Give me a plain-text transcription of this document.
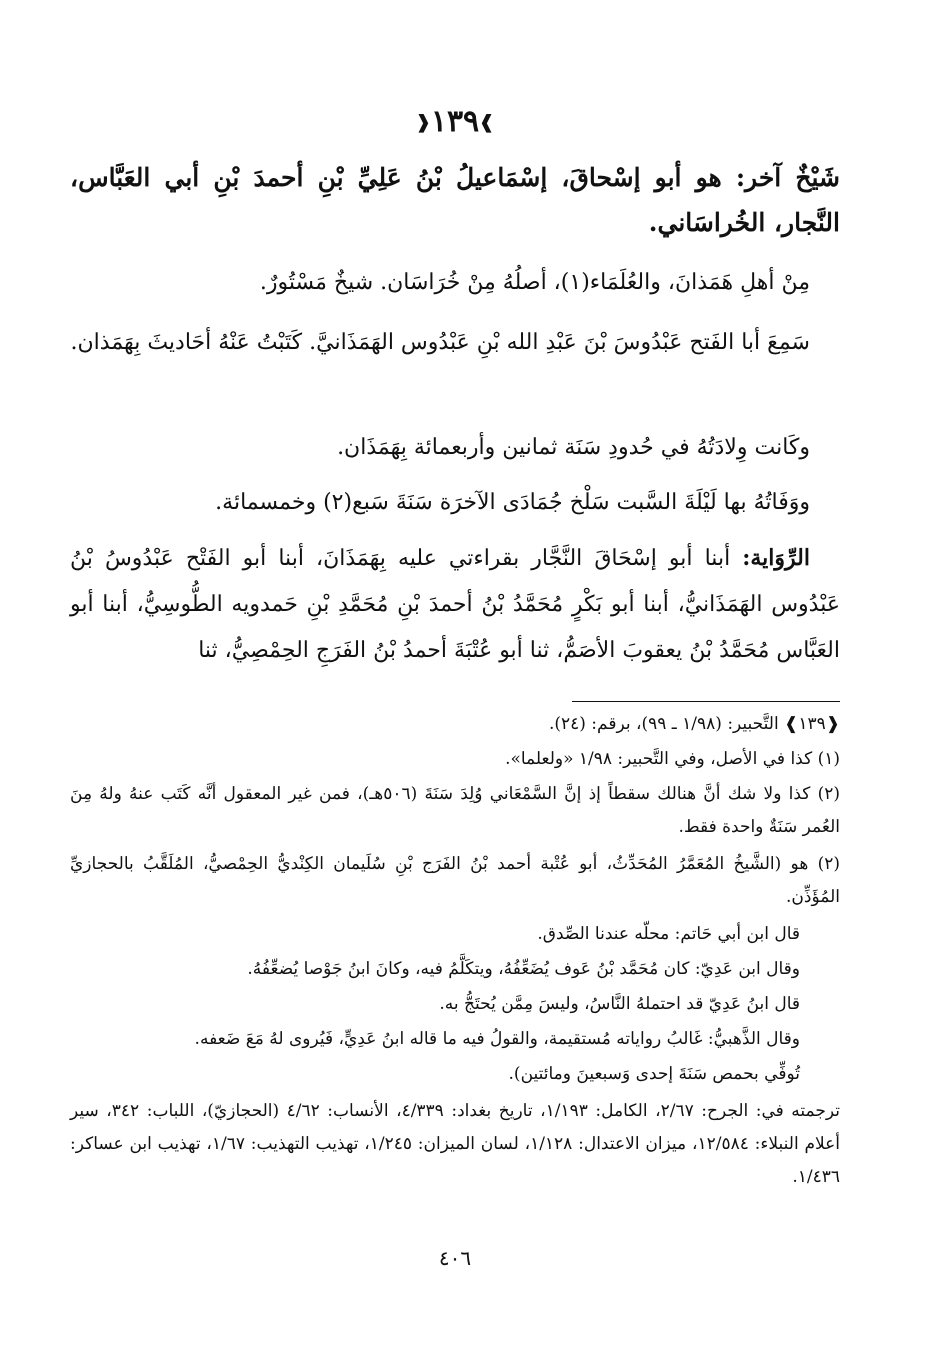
❱١٣٩❰
شَيْخٌ آخر: هو أبو إسْحاقَ، إسْمَاعيلُ بْنُ عَلِيِّ بْنِ أحمدَ بْنِ أبي العَبَّاس، النَّجار، الخُراسَاني.
مِنْ أهلِ هَمَذانَ، والعُلَمَاء(١)، أصلُهُ مِنْ خُرَاسَان. شيخٌ مَسْتُورٌ.
سَمِعَ أبا الفَتح عَبْدُوسَ بْنَ عَبْدِ الله بْنِ عَبْدُوس الهَمَذَانيَّ. كَتَبْتُ عَنْهُ أحَاديثَ بِهَمَذان.
وكَانت وِلادَتُهُ في حُدودِ سَنَة ثمانين وأربعمائة بِهَمَذَان.
ووَفَاتُهُ بها لَيْلَةَ السَّبت سَلْخ جُمَادَى الآخرَة سَنَةَ سَبع(٢) وخمسمائة.
الرِّوَاية: أبنا أبو إسْحَاقَ النَّجَّار بقراءتي عليه بِهَمَذَانَ، أبنا أبو الفَتْح عَبْدُوسُ بْنُ عَبْدُوس الهَمَذَانيُّ، أبنا أبو بَكْرٍ مُحَمَّدُ بْنُ أحمدَ بْنِ مُحَمَّدِ بْنِ حَمدويه الطُّوسِيُّ، أبنا أبو العَبَّاس مُحَمَّدُ بْنُ يعقوبَ الأصَمُّ، ثنا أبو عُتْبَةَ أحمدُ بْنُ الفَرَجِ الحِمْصِيُّ، ثنا
❰١٣٩❱ التَّحبير: (١/٩٨ ـ ٩٩)، برقم: (٢٤).
(١) كذا في الأصل، وفي التَّحبير: ١/٩٨ «ولعلما».
(٢) كذا ولا شك أنَّ هنالك سقطاً إذ إنَّ السَّمْعَاني وُلِدَ سَنَةَ (٥٠٦هـ)، فمن غير المعقول أنَّه كَتَب عنهُ ولهُ مِنَ العُمر سَنَةٌ واحدة فقط.
(٢) هو (الشَّيخُ المُعَمَّرُ المُحَدِّثُ، أبو عُتْبة أحمد بْنُ الفَرَج بْنِ سُلَيمان الكِنْديُّ الحِمْصيُّ، المُلَقَّبُ بالحجازيِّ المُؤَذِّن.
قال ابن أبي حَاتم: محلّه عندنا الصِّدق.
وقال ابن عَدِيّ: كان مُحَمَّد بْنُ عَوف يُضَعِّفُهُ، ويتكَلَّمُ فيه، وكانَ ابنُ جَوْصا يُضعِّفُهُ.
قال ابنُ عَدِيّ قد احتملهُ النَّاسُ، وليسَ مِمَّن يُحتَجُّ به.
وقال الذَّهبيُّ: غَالبُ رواياته مُستقيمة، والقولُ فيه ما قاله ابنُ عَدِيٍّ، فَيُروى لهُ مَعَ ضَعفه.
تُوفِّي بحمص سَنَةَ إحدى وَسبعينَ ومائتين).
ترجمته في: الجرح: ٢/٦٧، الكامل: ١/١٩٣، تاريخ بغداد: ٤/٣٣٩، الأنساب: ٤/٦٢ (الحجازيّ)، اللباب: ٣٤٢، سير أعلام النبلاء: ١٢/٥٨٤، ميزان الاعتدال: ١/١٢٨، لسان الميزان: ١/٢٤٥، تهذيب التهذيب: ١/٦٧، تهذيب ابن عساكر: ١/٤٣٦.
٤٠٦
